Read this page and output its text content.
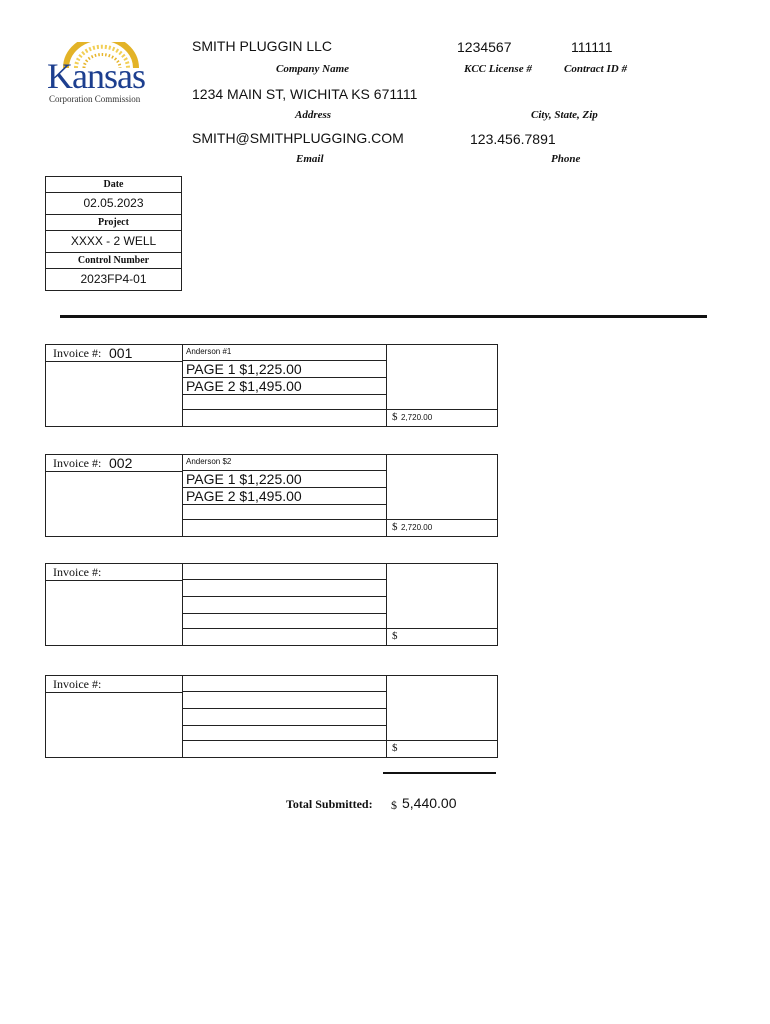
Kansas
Corporation Commission
SMITH PLUGGIN LLC
Company Name
1234567
KCC License #
111111
Contract ID #
1234 MAIN ST, WICHITA KS 671111
Address	City, State, Zip
SMITH@SMITHPLUGGING.COM
Email
123.456.7891
Phone
Date
02.05.2023
Project
XXXX - 2 WELL
Control Number
2023FP4-01
Invoice #: 001	Anderson #1
PAGE 1 $1,225.00
PAGE 2 $1,495.00
$ 2,720.00
Invoice #: 002	Anderson $2
PAGE 1 $1,225.00
PAGE 2 $1,495.00
$ 2,720.00
Invoice #:
$
Invoice #:
$
Total Submitted: $ 5,440.00
